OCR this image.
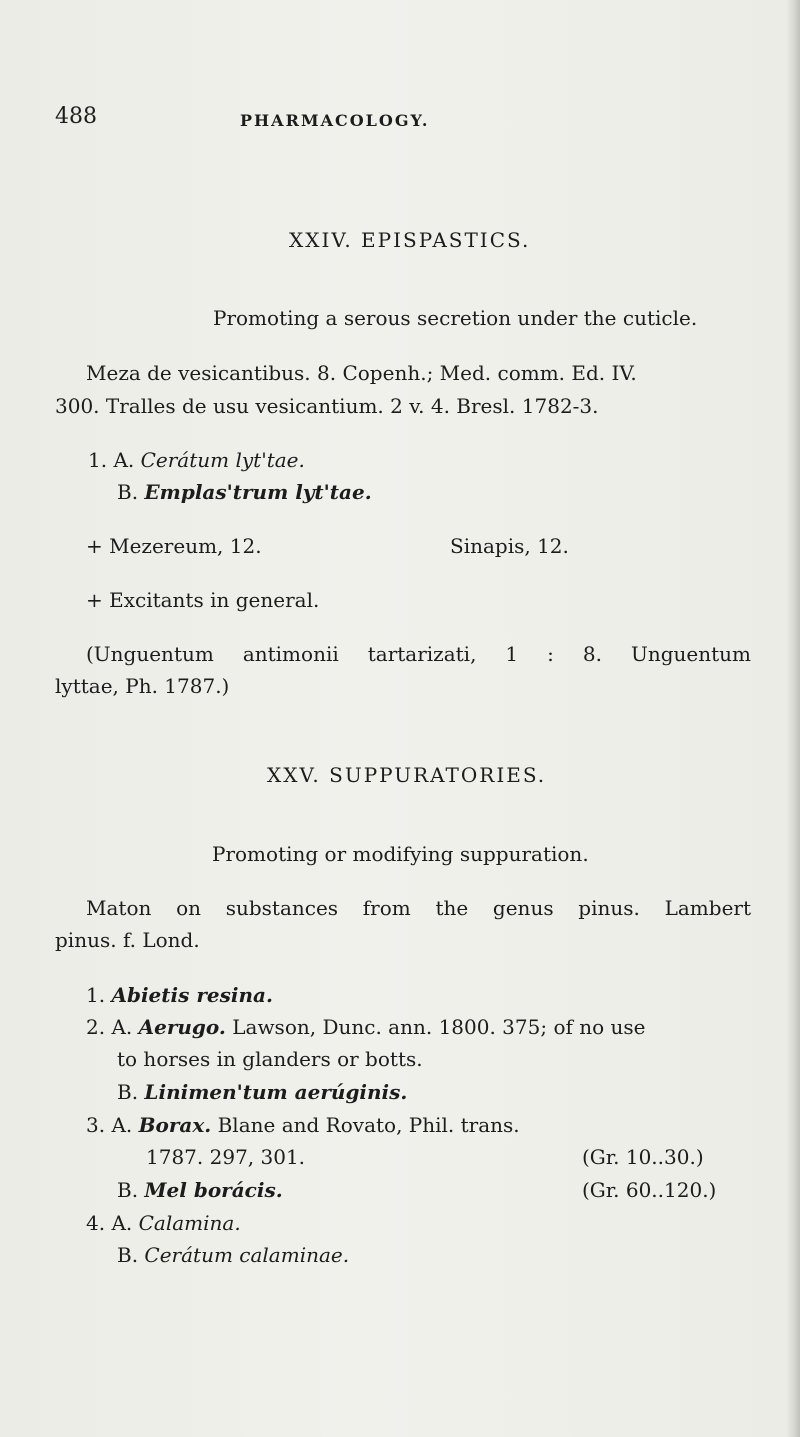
488	PHARMACOLOGY.
XXIV. EPISPASTICS.
Promoting a serous secretion under the cuticle.
Meza de vesicantibus. 8. Copenh.; Med. comm. Ed. IV.
300. Tralles de usu vesicantium. 2 v. 4. Bresl. 1782-3.
1. A. Cerátum lyt'tae.
B. Emplas'trum lyt'tae.
+ Mezereum, 12.	Sinapis, 12.
+ Excitants in general.
(Unguentum antimonii tartarizati, 1 : 8. Unguentum
lyttae, Ph. 1787.)
XXV. SUPPURATORIES.
Promoting or modifying suppuration.
Maton on substances from the genus pinus. Lambert
pinus. f. Lond.
1. Abietis resina.
2. A. Aerugo. Lawson, Dunc. ann. 1800. 375; of no use
to horses in glanders or botts.
B. Linimen'tum aerúginis.
3. A. Borax. Blane and Rovato, Phil. trans.
1787. 297, 301.	(Gr. 10..30.)
B. Mel borácis.	(Gr. 60..120.)
4. A. Calamina.
B. Cerátum calaminae.
